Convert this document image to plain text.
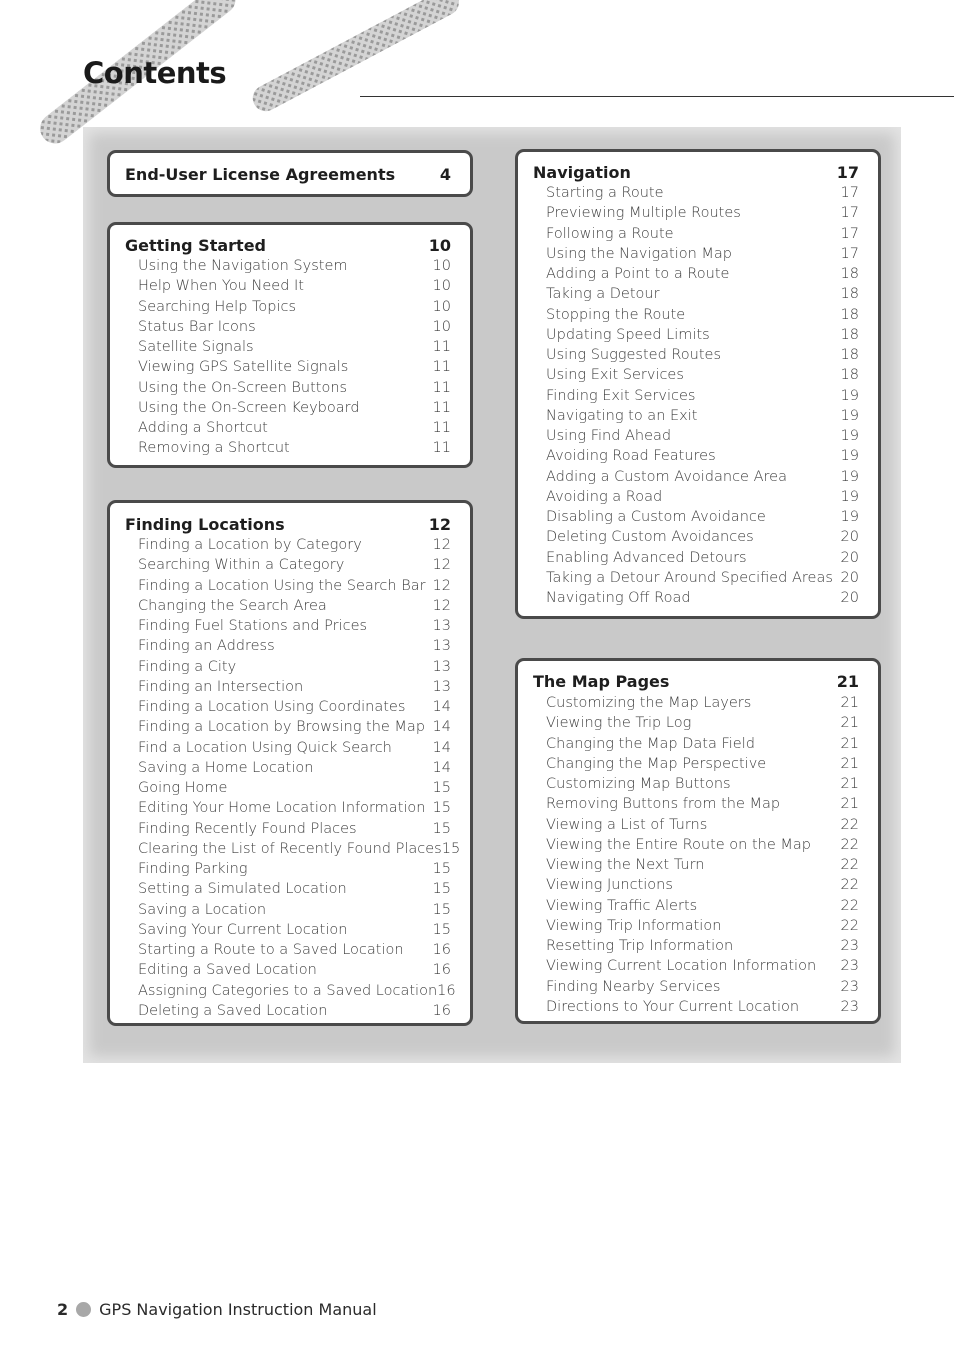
Contents
End-User License Agreements	4
Getting Started	10
Using the Navigation System	10
Help When You Need It	10
Searching Help Topics	10
Status Bar Icons	10
Satellite Signals	11
Viewing GPS Satellite Signals	11
Using the On-Screen Buttons	11
Using the On-Screen Keyboard	11
Adding a Shortcut	11
Removing a Shortcut	11
Finding Locations	12
Finding a Location by Category	12
Searching Within a Category	12
Finding a Location Using the Search Bar 12
Changing the Search Area	12
Finding Fuel Stations and Prices	13
Finding an Address	13
Finding a City	13
Finding an Intersection	13
Finding a Location Using Coordinates 14
Finding a Location by Browsing the Map 14
Find a Location Using Quick Search	14
Saving a Home Location	14
Going Home	15
Editing Your Home Location Information 15
Finding Recently Found Places	15
Clearing the List of Recently Found Places 15
Finding Parking	15
Setting a Simulated Location	15
Saving a Location	15
Saving Your Current Location	15
Starting a Route to a Saved Location 16
Editing a Saved Location	16
Assigning Categories to a Saved Location 16
Deleting a Saved Location	16
Navigation	17
Starting a Route	17
Previewing Multiple Routes	17
Following a Route	17
Using the Navigation Map	17
Adding a Point to a Route	18
Taking a Detour	18
Stopping the Route	18
Updating Speed Limits	18
Using Suggested Routes	18
Using Exit Services	18
Finding Exit Services	19
Navigating to an Exit	19
Using Find Ahead	19
Avoiding Road Features	19
Adding a Custom Avoidance Area	19
Avoiding a Road	19
Disabling a Custom Avoidance	19
Deleting Custom Avoidances	20
Enabling Advanced Detours	20
Taking a Detour Around Specified Areas 20
Navigating Off Road	20
The Map Pages	21
Customizing the Map Layers	21
Viewing the Trip Log	21
Changing the Map Data Field	21
Changing the Map Perspective	21
Customizing Map Buttons	21
Removing Buttons from the Map	21
Viewing a List of Turns	22
Viewing the Entire Route on the Map 22
Viewing the Next Turn	22
Viewing Junctions	22
Viewing Traffic Alerts	22
Viewing Trip Information	22
Resetting Trip Information	23
Viewing Current Location Information 23
Finding Nearby Services	23
Directions to Your Current Location	23
2 GPS Navigation Instruction Manual
